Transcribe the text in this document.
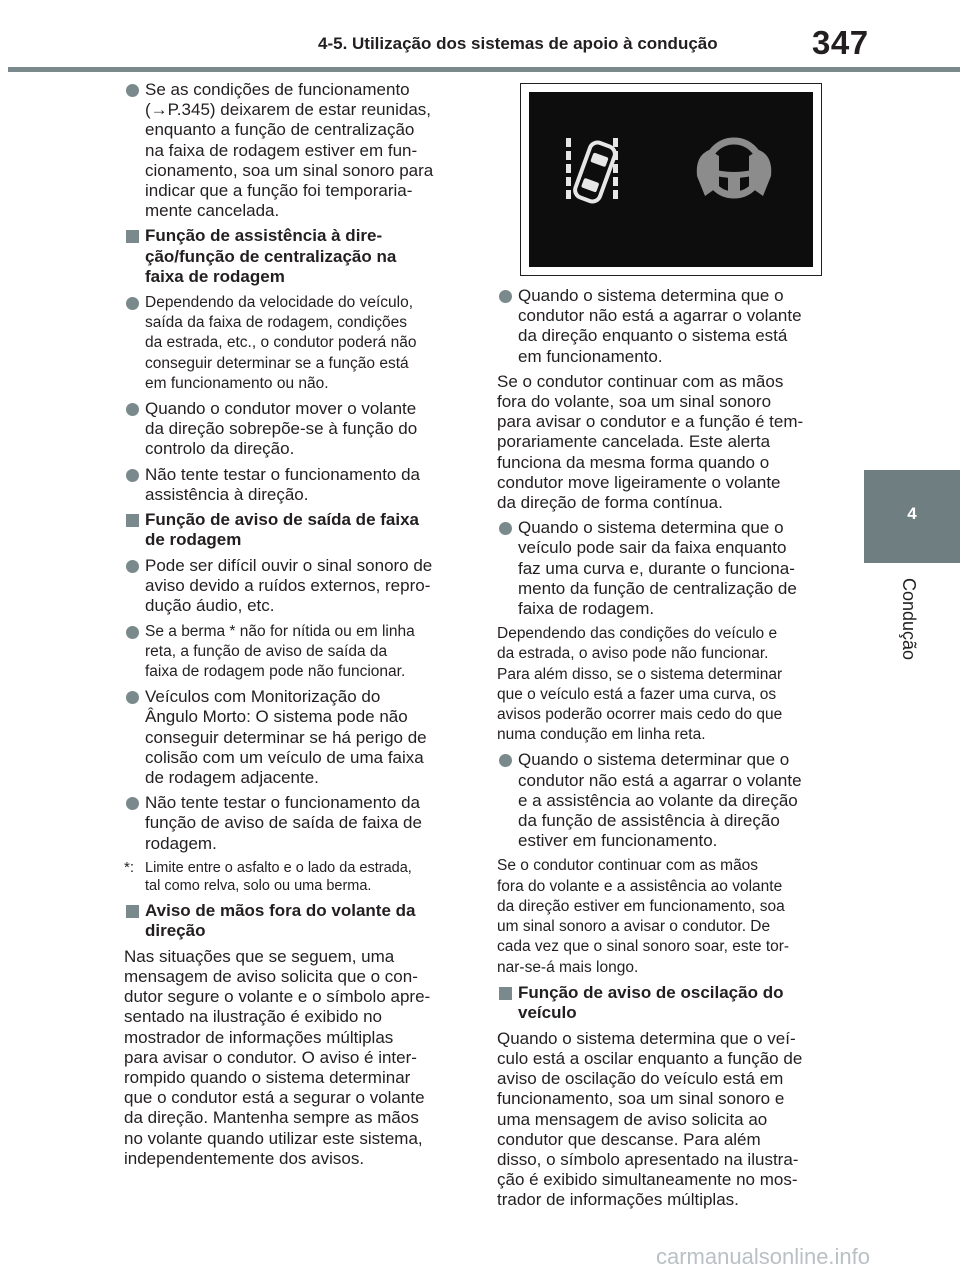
4-5. Utilização dos sistemas de apoio à condução	347
4
Condução
Se as condições de funcionamento
(→P.345) deixarem de estar reunidas,
enquanto a função de centralização
na faixa de rodagem estiver em fun-
cionamento, soa um sinal sonoro para
indicar que a função foi temporaria-
mente cancelada.
Função de assistência à dire-
ção/função de centralização na
faixa de rodagem
Dependendo da velocidade do veículo,
saída da faixa de rodagem, condições
da estrada, etc., o condutor poderá não
conseguir determinar se a função está
em funcionamento ou não.
Quando o condutor mover o volante
da direção sobrepõe-se à função do
controlo da direção.
Não tente testar o funcionamento da
assistência à direção.
Função de aviso de saída de faixa
de rodagem
Pode ser difícil ouvir o sinal sonoro de
aviso devido a ruídos externos, repro-
dução áudio, etc.
Se a berma * não for nítida ou em linha
reta, a função de aviso de saída da
faixa de rodagem pode não funcionar.
Veículos com Monitorização do
Ângulo Morto: O sistema pode não
conseguir determinar se há perigo de
colisão com um veículo de uma faixa
de rodagem adjacente.
Não tente testar o funcionamento da
função de aviso de saída de faixa de
rodagem.
*: Limite entre o asfalto e o lado da estrada,
tal como relva, solo ou uma berma.
Aviso de mãos fora do volante da
direção
Nas situações que se seguem, uma
mensagem de aviso solicita que o con-
dutor segure o volante e o símbolo apre-
sentado na ilustração é exibido no
mostrador de informações múltiplas
para avisar o condutor. O aviso é inter-
rompido quando o sistema determinar
que o condutor está a segurar o volante
da direção. Mantenha sempre as mãos
no volante quando utilizar este sistema,
independentemente dos avisos.
Quando o sistema determina que o
condutor não está a agarrar o volante
da direção enquanto o sistema está
em funcionamento.
Se o condutor continuar com as mãos
fora do volante, soa um sinal sonoro
para avisar o condutor e a função é tem-
porariamente cancelada. Este alerta
funciona da mesma forma quando o
condutor move ligeiramente o volante
da direção de forma contínua.
Quando o sistema determina que o
veículo pode sair da faixa enquanto
faz uma curva e, durante o funciona-
mento da função de centralização de
faixa de rodagem.
Dependendo das condições do veículo e
da estrada, o aviso pode não funcionar.
Para além disso, se o sistema determinar
que o veículo está a fazer uma curva, os
avisos poderão ocorrer mais cedo do que
numa condução em linha reta.
Quando o sistema determinar que o
condutor não está a agarrar o volante
e a assistência ao volante da direção
da função de assistência à direção
estiver em funcionamento.
Se o condutor continuar com as mãos
fora do volante e a assistência ao volante
da direção estiver em funcionamento, soa
um sinal sonoro a avisar o condutor. De
cada vez que o sinal sonoro soar, este tor-
nar-se-á mais longo.
Função de aviso de oscilação do
veículo
Quando o sistema determina que o veí-
culo está a oscilar enquanto a função de
aviso de oscilação do veículo está em
funcionamento, soa um sinal sonoro e
uma mensagem de aviso solicita ao
condutor que descanse. Para além
disso, o símbolo apresentado na ilustra-
ção é exibido simultaneamente no mos-
trador de informações múltiplas.
carmanualsonline.info
